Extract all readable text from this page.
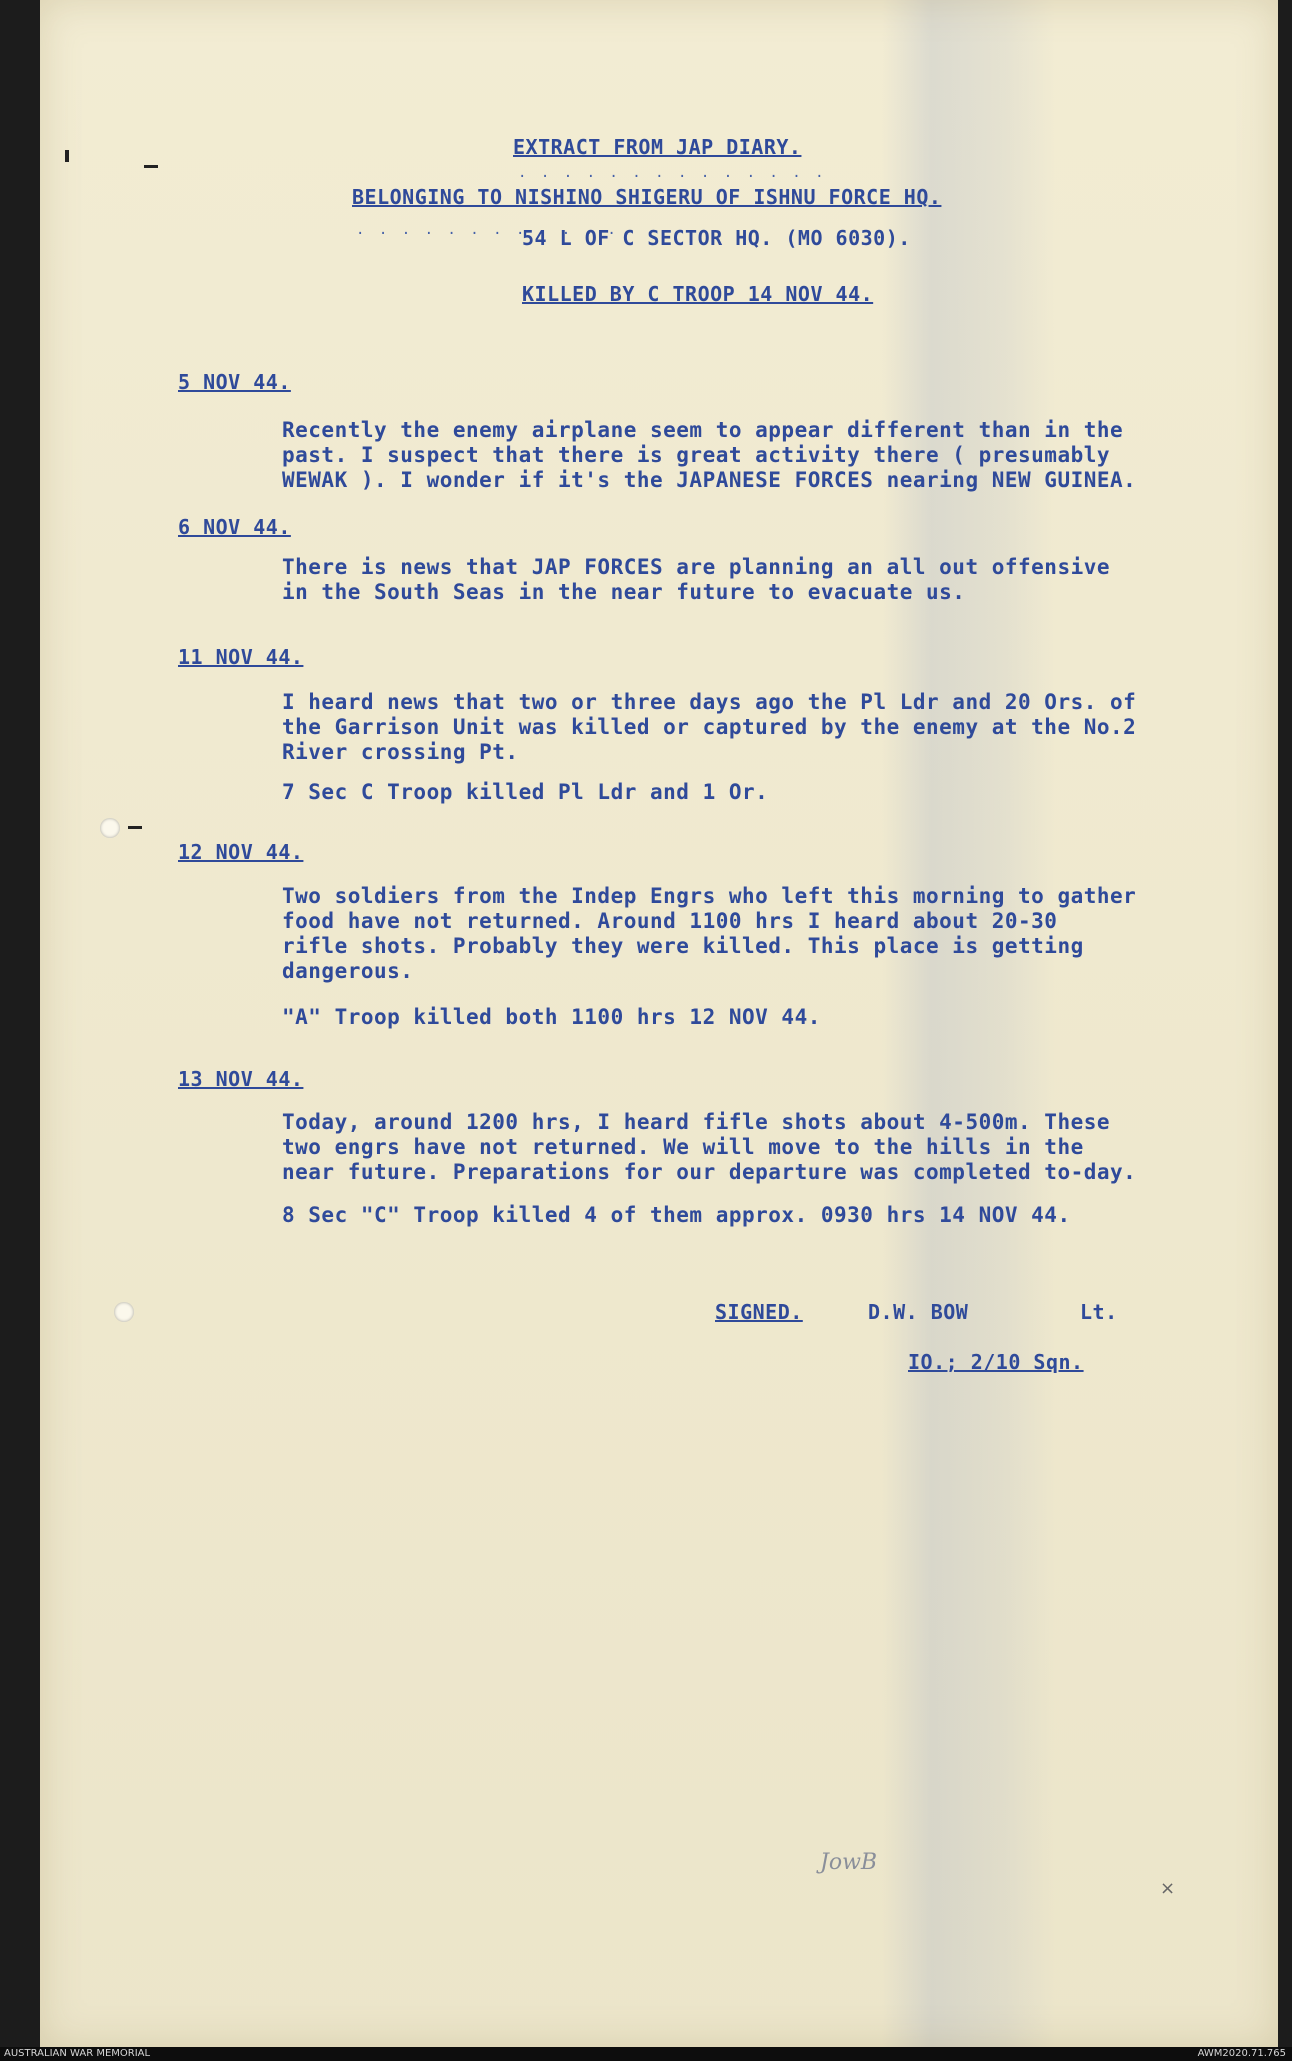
EXTRACT FROM JAP DIARY.
. . . . . . . . . . . . . .
BELONGING TO NISHINO SHIGERU OF ISHNU FORCE HQ.
. . . . . . . . . . . .
54 L OF C SECTOR HQ. (MO 6030).
KILLED BY C TROOP 14 NOV 44.
5 NOV 44.
Recently the enemy airplane seem to appear different than in the
past. I suspect that there is great activity there ( presumably
WEWAK ). I wonder if it's the JAPANESE FORCES nearing NEW GUINEA.
6 NOV 44.
There is news that JAP FORCES are planning an all out offensive
in the South Seas in the near future to evacuate us.
11 NOV 44.
I heard news that two or three days ago the Pl Ldr and 20 Ors. of
the Garrison Unit was killed or captured by the enemy at the No.2
River crossing Pt.
7 Sec C Troop killed Pl Ldr and 1 Or.
12 NOV 44.
Two soldiers from the Indep Engrs who left this morning to gather
food have not returned. Around 1100 hrs I heard about 20-30
rifle shots. Probably they were killed. This place is getting
dangerous.
"A" Troop killed both 1100 hrs 12 NOV 44.
13 NOV 44.
Today, around 1200 hrs, I heard fifle shots about 4-500m. These
two engrs have not returned. We will move to the hills in the
near future. Preparations for our departure was completed to-day.
8 Sec "C" Troop killed 4 of them approx. 0930 hrs 14 NOV 44.
SIGNED.	D.W. BOW	Lt.
IO.; 2/10 Sqn.
JowB
×
AUSTRALIAN WAR MEMORIAL	AWM2020.71.765
